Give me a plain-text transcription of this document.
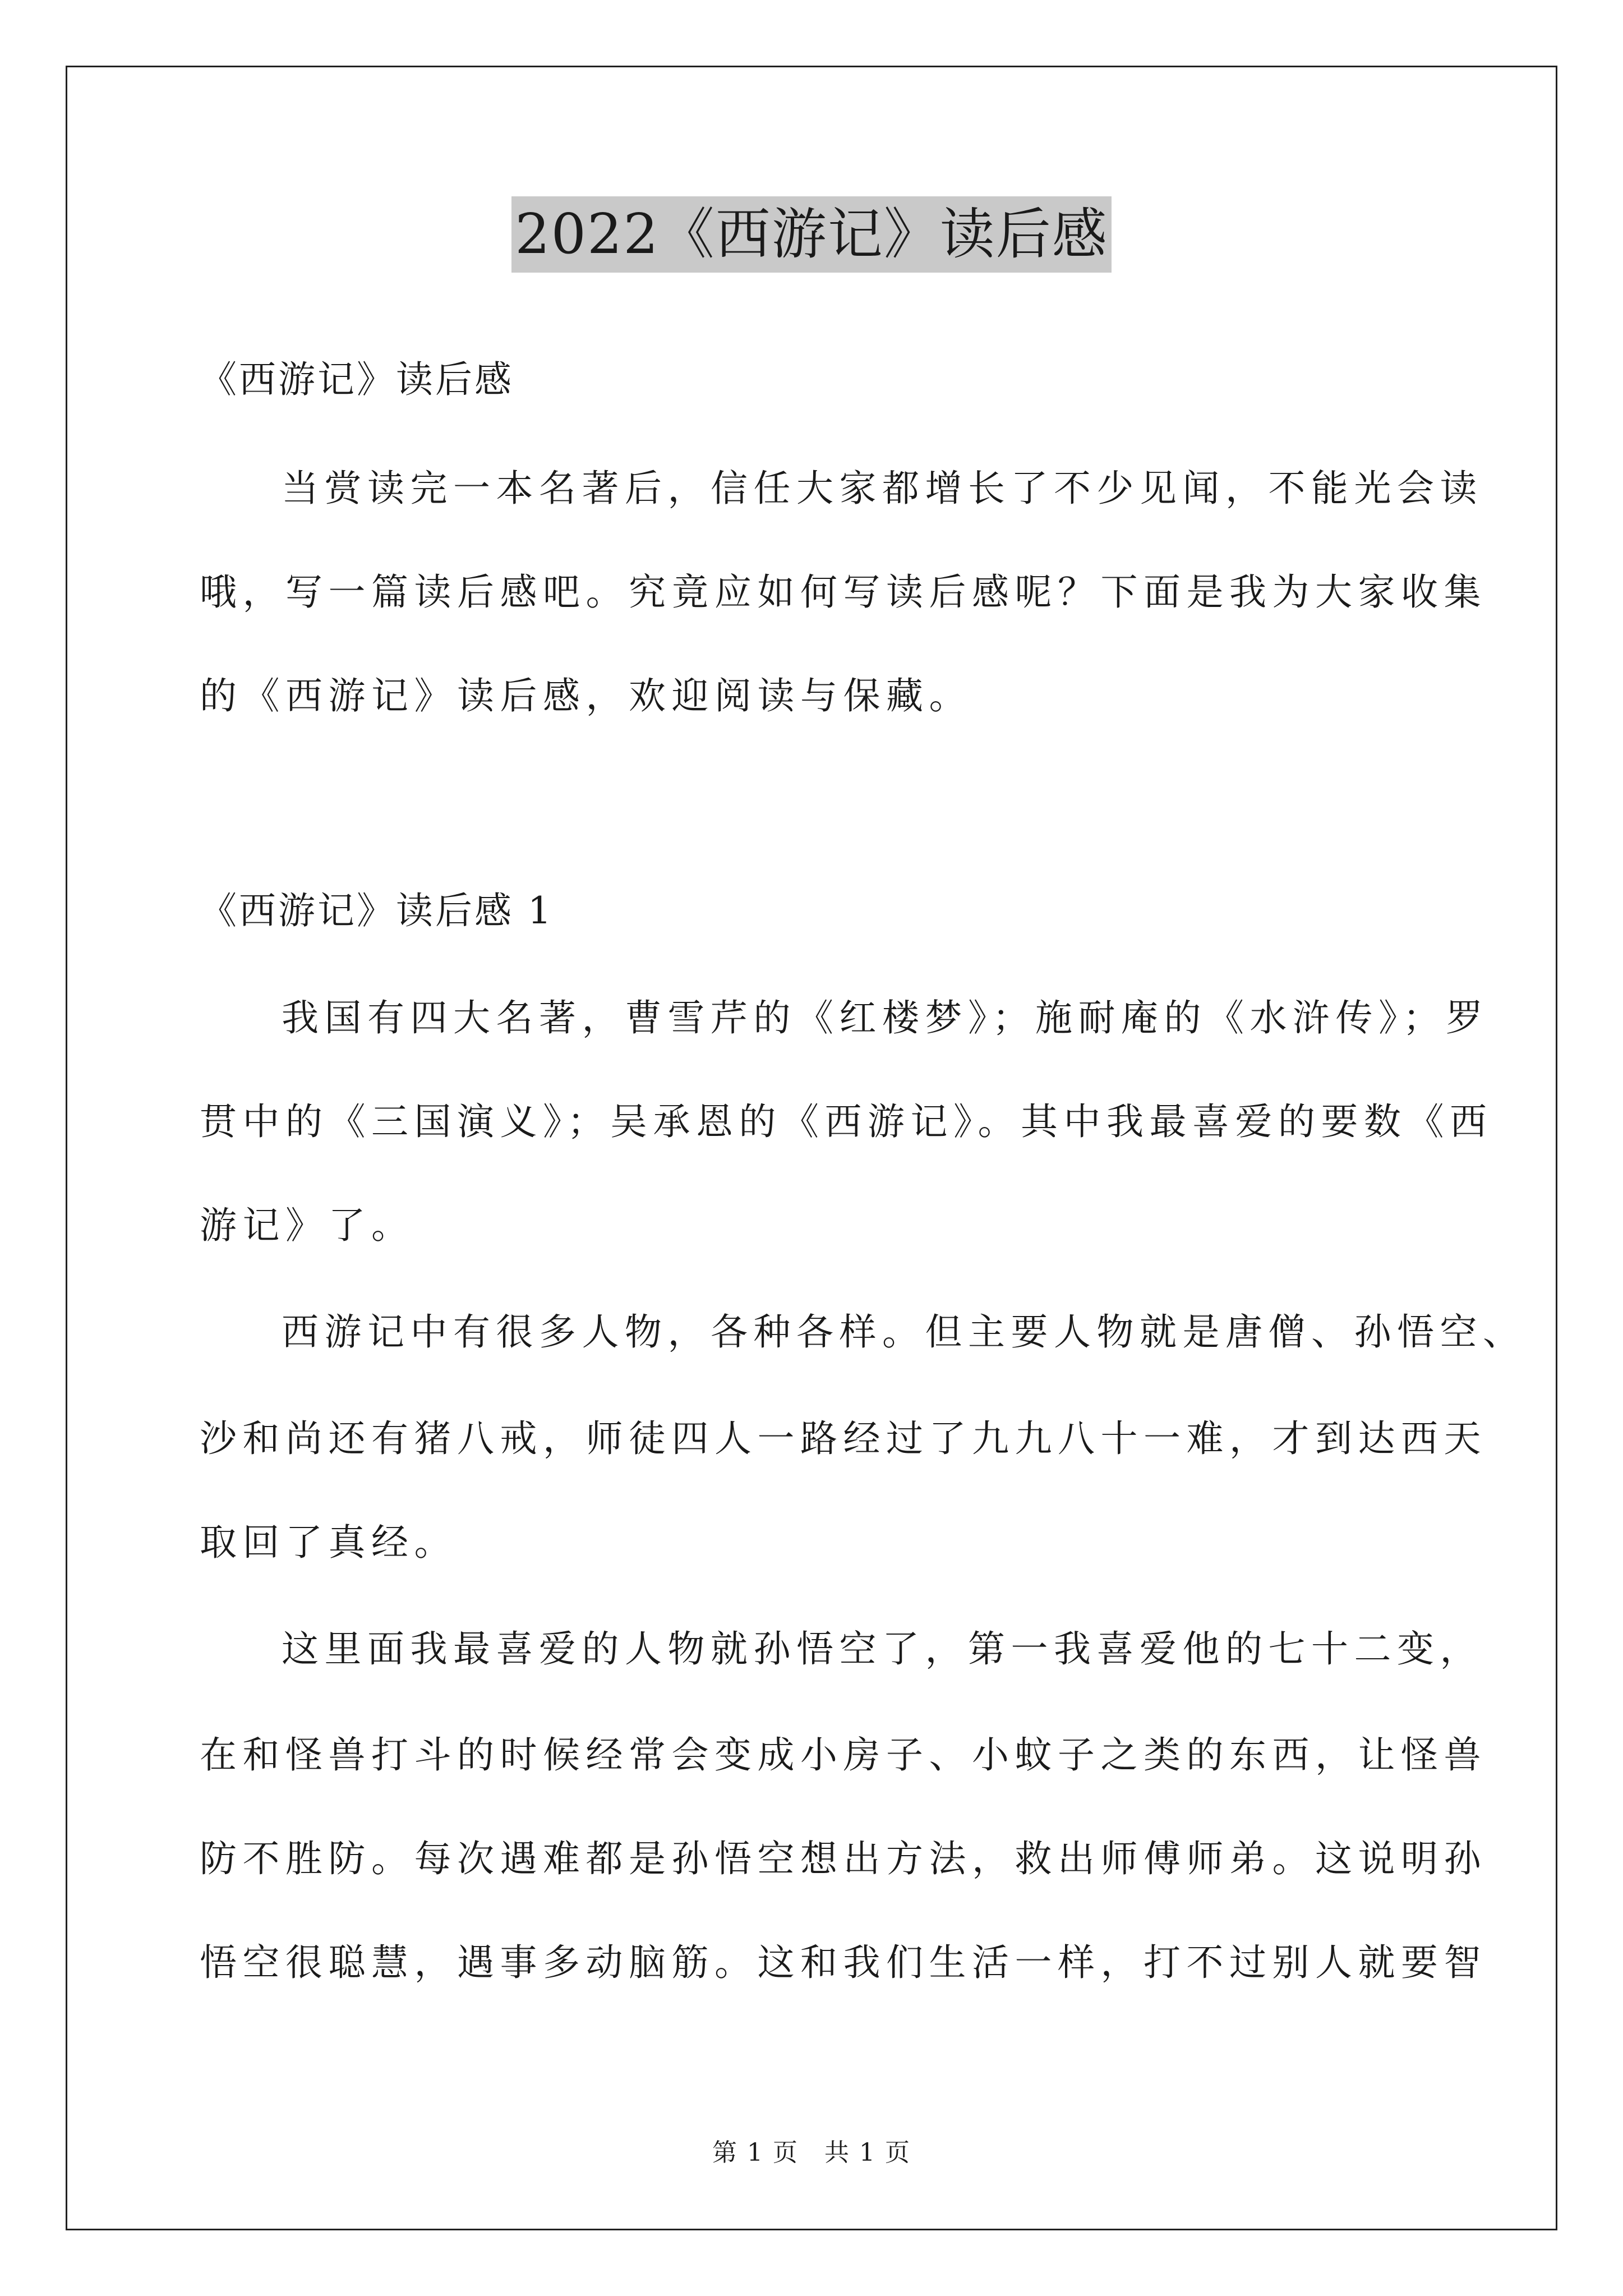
2022《西游记》读后感
《西游记》读后感
当赏读完一本名著后，信任大家都增长了不少见闻，不能光会读
哦，写一篇读后感吧。究竟应如何写读后感呢？下面是我为大家收集
的《西游记》读后感，欢迎阅读与保藏。
《西游记》读后感 1
我国有四大名著，曹雪芹的《红楼梦》；施耐庵的《水浒传》；罗
贯中的《三国演义》；吴承恩的《西游记》。其中我最喜爱的要数《西
游记》了。
西游记中有很多人物，各种各样。但主要人物就是唐僧、孙悟空、
沙和尚还有猪八戒，师徒四人一路经过了九九八十一难，才到达西天
取回了真经。
这里面我最喜爱的人物就孙悟空了，第一我喜爱他的七十二变，
在和怪兽打斗的时候经常会变成小房子、小蚊子之类的东西，让怪兽
防不胜防。每次遇难都是孙悟空想出方法，救出师傅师弟。这说明孙
悟空很聪慧，遇事多动脑筋。这和我们生活一样，打不过别人就要智
第 1 页　共 1 页
